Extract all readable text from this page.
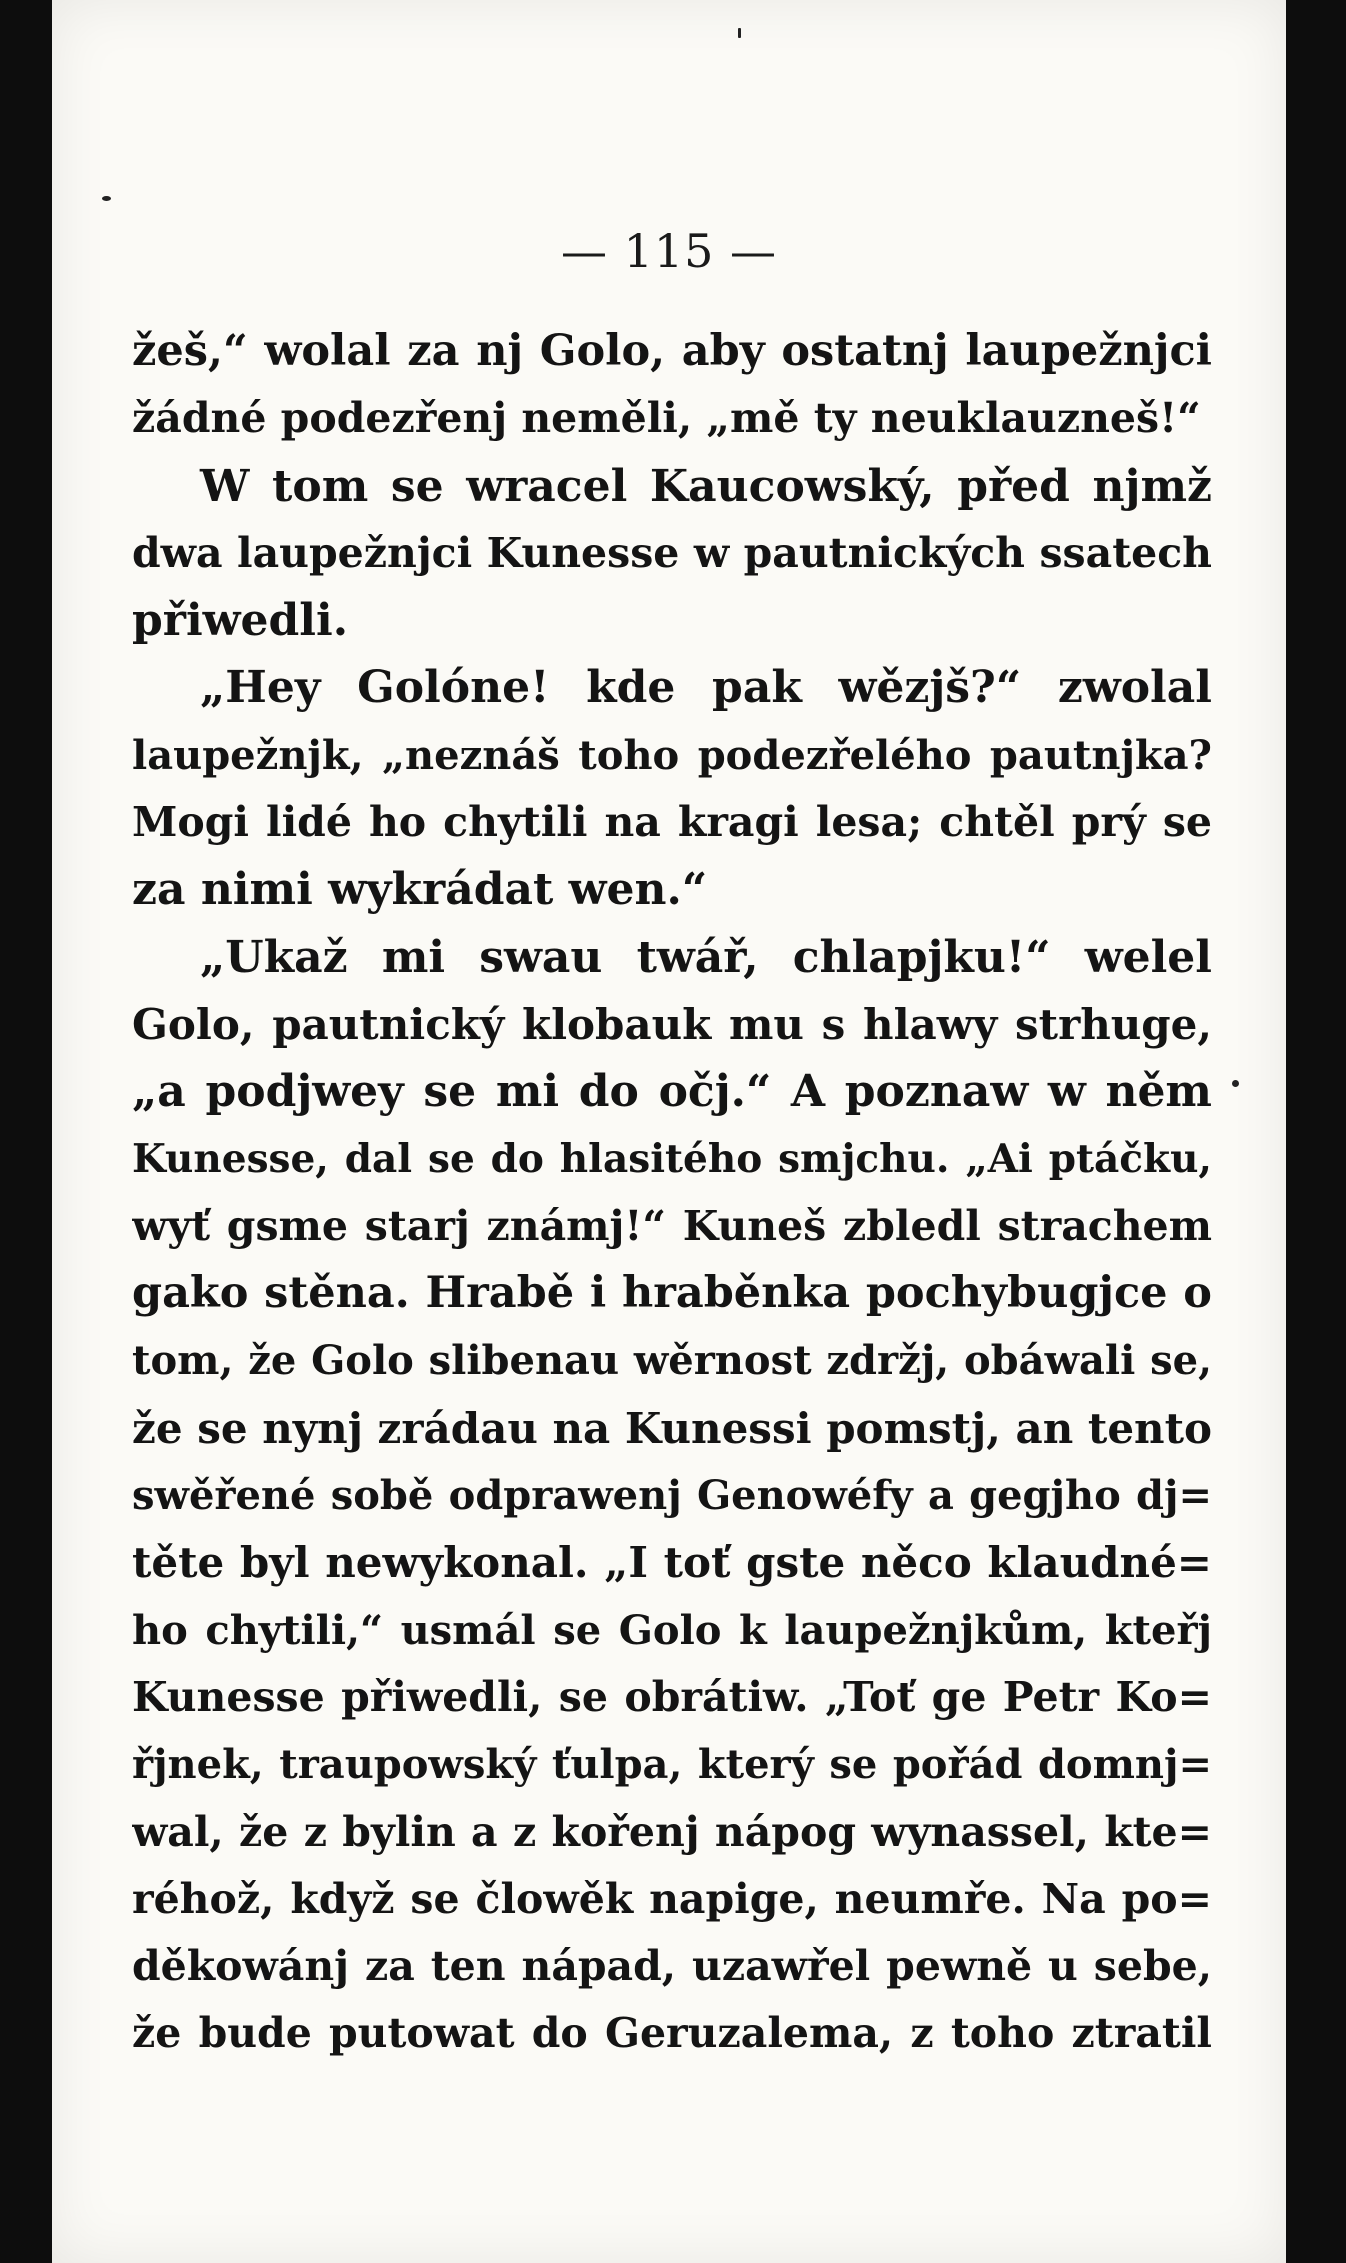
— 115 —
žeš,“ wolal za nj Golo, aby ostatnj laupežnjci
žádné podezřenj neměli, „mě ty neuklauzneš!“
W tom se wracel Kaucowský, před njmž
dwa laupežnjci Kunesse w pautnických ssatech
přiwedli.
„Hey Golóne! kde pak wězjš?“ zwolal
laupežnjk, „neznáš toho podezřelého pautnjka?
Mogi lidé ho chytili na kragi lesa; chtěl prý se
za nimi wykrádat wen.“
„Ukaž mi swau twář, chlapjku!“ welel
Golo, pautnický klobauk mu s hlawy strhuge,
„a podjwey se mi do očj.“ A poznaw w něm
Kunesse, dal se do hlasitého smjchu. „Ai ptáčku,
wyť gsme starj známj!“ Kuneš zbledl strachem
gako stěna. Hrabě i hraběnka pochybugjce o
tom, že Golo slibenau wěrnost zdržj, obáwali se,
že se nynj zrádau na Kunessi pomstj, an tento
swěřené sobě odprawenj Genowéfy a gegjho dj=
těte byl newykonal. „I toť gste něco klaudné=
ho chytili,“ usmál se Golo k laupežnjkům, kteřj
Kunesse přiwedli, se obrátiw. „Toť ge Petr Ko=
řjnek, traupowský ťulpa, který se pořád domnj=
wal, že z bylin a z kořenj nápog wynassel, kte=
réhož, když se člowěk napige, neumře. Na po=
děkowánj za ten nápad, uzawřel pewně u sebe,
že bude putowat do Geruzalema, z toho ztratil
